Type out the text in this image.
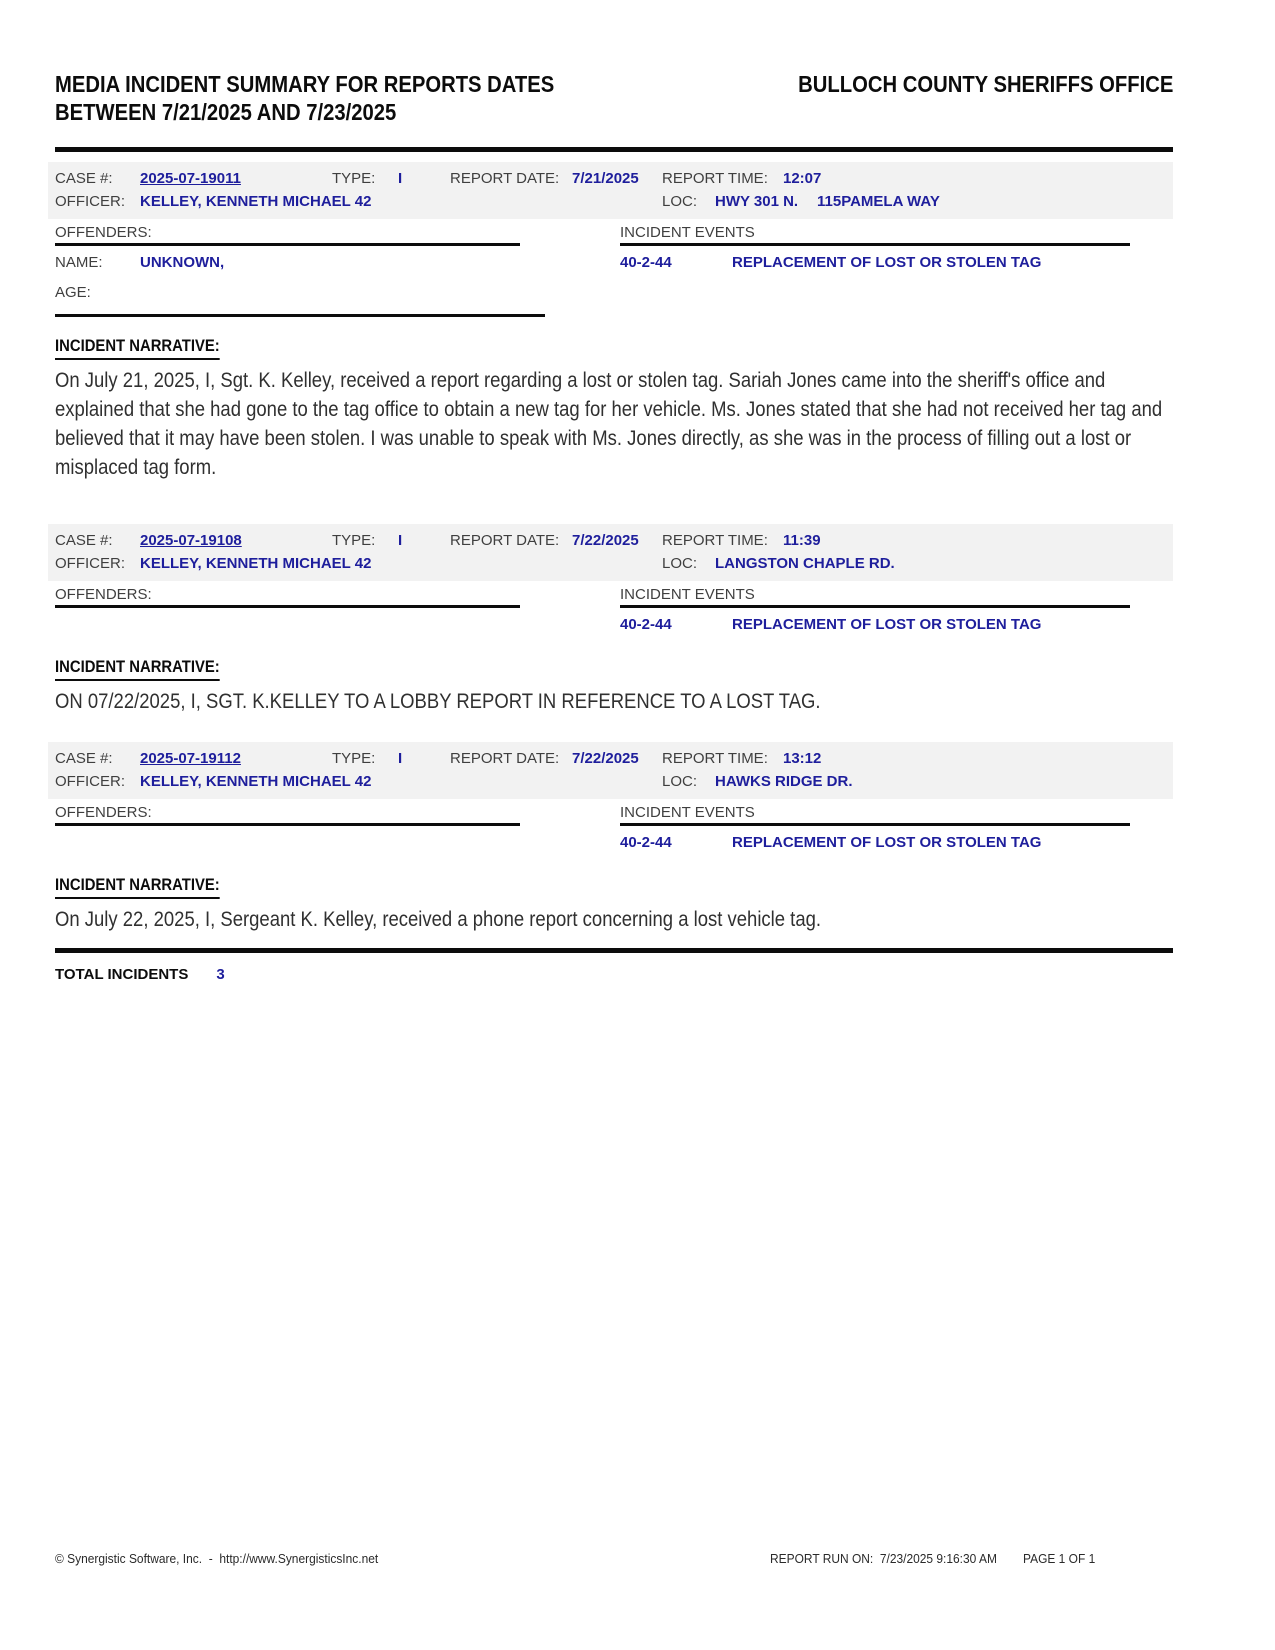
MEDIA INCIDENT SUMMARY FOR REPORTS DATES
BETWEEN 7/21/2025 AND 7/23/2025
BULLOCH COUNTY SHERIFFS OFFICE
CASE #: 2025-07-19011	TYPE: I	REPORT DATE: 7/21/2025 REPORT TIME: 12:07
OFFICER: KELLEY, KENNETH MICHAEL 42	LOC: HWY 301 N. 115PAMELA WAY
OFFENDERS:
NAME: UNKNOWN,
AGE:
INCIDENT EVENTS
40-2-44	REPLACEMENT OF LOST OR STOLEN TAG
INCIDENT NARRATIVE:
On July 21, 2025, I, Sgt. K. Kelley, received a report regarding a lost or stolen tag. Sariah Jones came into the sheriff's office and explained that she had gone to the tag office to obtain a new tag for her vehicle. Ms. Jones stated that she had not received her tag and believed that it may have been stolen. I was unable to speak with Ms. Jones directly, as she was in the process of filling out a lost or misplaced tag form.
CASE #: 2025-07-19108	TYPE: I	REPORT DATE: 7/22/2025 REPORT TIME: 11:39
OFFICER: KELLEY, KENNETH MICHAEL 42	LOC: LANGSTON CHAPLE RD.
OFFENDERS:	INCIDENT EVENTS
40-2-44	REPLACEMENT OF LOST OR STOLEN TAG
INCIDENT NARRATIVE:
ON 07/22/2025, I, SGT. K.KELLEY TO A LOBBY REPORT IN REFERENCE TO A LOST TAG.
CASE #: 2025-07-19112	TYPE: I	REPORT DATE: 7/22/2025 REPORT TIME: 13:12
OFFICER: KELLEY, KENNETH MICHAEL 42	LOC: HAWKS RIDGE DR.
OFFENDERS:	INCIDENT EVENTS
40-2-44	REPLACEMENT OF LOST OR STOLEN TAG
INCIDENT NARRATIVE:
On July 22, 2025, I, Sergeant K. Kelley, received a phone report concerning a lost vehicle tag.
TOTAL INCIDENTS 3
© Synergistic Software, Inc.  -  http://www.SynergisticsInc.net	REPORT RUN ON:  7/23/2025 9:16:30 AM PAGE 1 OF 1
